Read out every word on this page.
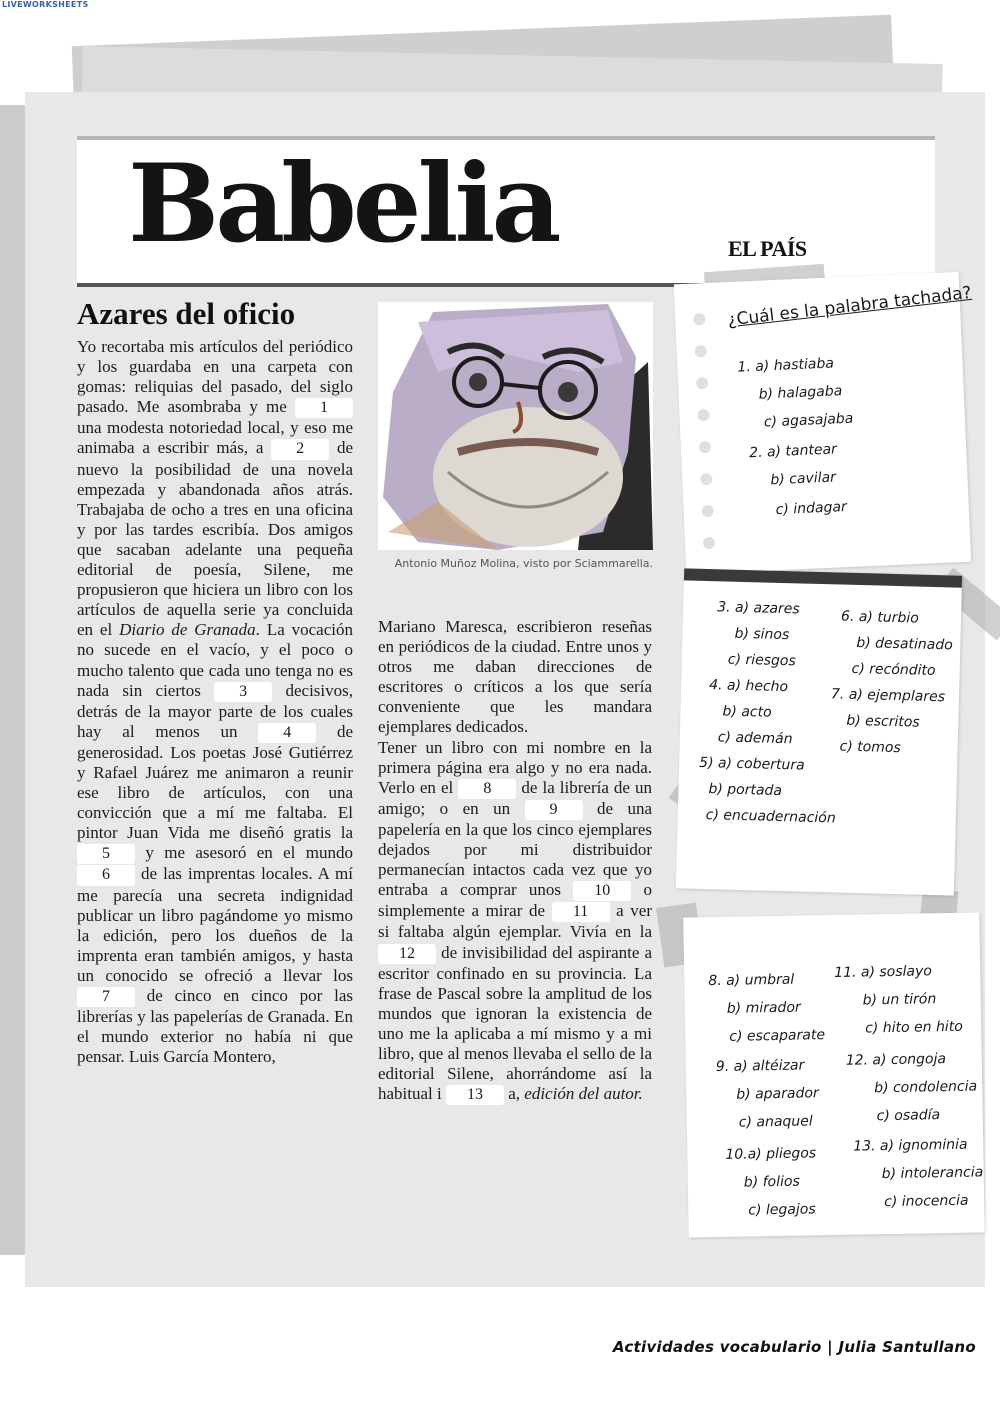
LIVEWORKSHEETS
Babelia	EL PAÍS
Azares del oficio

Yo recortaba mis artículos del periódico y los guardaba en una carpeta con gomas: reliquias del pasado, del siglo pasado. Me asombraba y me 1 una modesta notoriedad local, y eso me animaba a escribir más, a 2 de nuevo la posibilidad de una novela empezada y abandonada años atrás. Trabajaba de ocho a tres en una oficina y por las tardes escribía. Dos amigos que sacaban adelante una pequeña editorial de poesía, Silene, me propusieron que hiciera un libro con los artículos de aquella serie ya concluida en el Diario de Granada. La vocación no sucede en el vacío, y el poco o mucho talento que cada uno tenga no es nada sin ciertos 3 decisivos, detrás de la mayor parte de los cuales hay al menos un	4	de generosidad. Los poetas José Gutiérrez y Rafael Juárez me animaron a reunir ese libro de artículos, con una convicción que a mí me faltaba. El pintor Juan Vida me diseñó gratis la 5 y me asesoró en el mundo 6 de las imprentas locales. A mí me parecía una secreta indignidad publicar un libro pagándome yo mismo la edición, pero los dueños de la imprenta eran también amigos, y hasta un conocido se ofreció a llevar los 7 de cinco en cinco por las librerías y las papelerías de Granada. En el mundo exterior no había ni que pensar. Luis García Montero,

Antonio Muñoz Molina, visto por Sciammarella.

Mariano Maresca, escribieron reseñas en periódicos de la ciudad. Entre unos y otros me daban direcciones de escritores o críticos a los que sería conveniente que les mandara ejemplares dedicados.

Tener un libro con mi nombre en la primera página era algo y no era nada. Verlo en el 8 de la librería de un amigo; o en un 9 de una papelería en la que los cinco ejemplares dejados por mi distribuidor permanecían intactos cada vez que yo entraba a comprar unos 10 o simplemente a mirar de 11 a ver si faltaba algún ejemplar. Vivía en la 12 de invisibilidad del aspirante a escritor confinado en su provincia. La frase de Pascal sobre la amplitud de los mundos que ignoran la existencia de uno me la aplicaba a mí mismo y a mi libro, que al menos llevaba el sello de la editorial Silene, ahorrándome así la habitual i 13 a, edición del autor.

¿Cuál es la palabra tachada?
1. a) hastiaba
b) halagaba
c) agasajaba
2. a) tantear
b) cavilar
c) indagar
3. a) azares
b) sinos
c) riesgos
4. a) hecho
b) acto
c) ademán
5) a) cobertura
b) portada
c) encuadernación
6. a) turbio
b) desatinado
c) recóndito
7. a) ejemplares
b) escritos
c) tomos
8. a) umbral
b) mirador
c) escaparate
9. a) altéizar
b) aparador
c) anaquel
10.a) pliegos
b) folios
c) legajos
11. a) soslayo
b) un tirón
c) hito en hito
12. a) congoja
b) condolencia
c) osadía
13. a) ignominia
b) intolerancia
c) inocencia
Actividades vocabulario | Julia Santullano
